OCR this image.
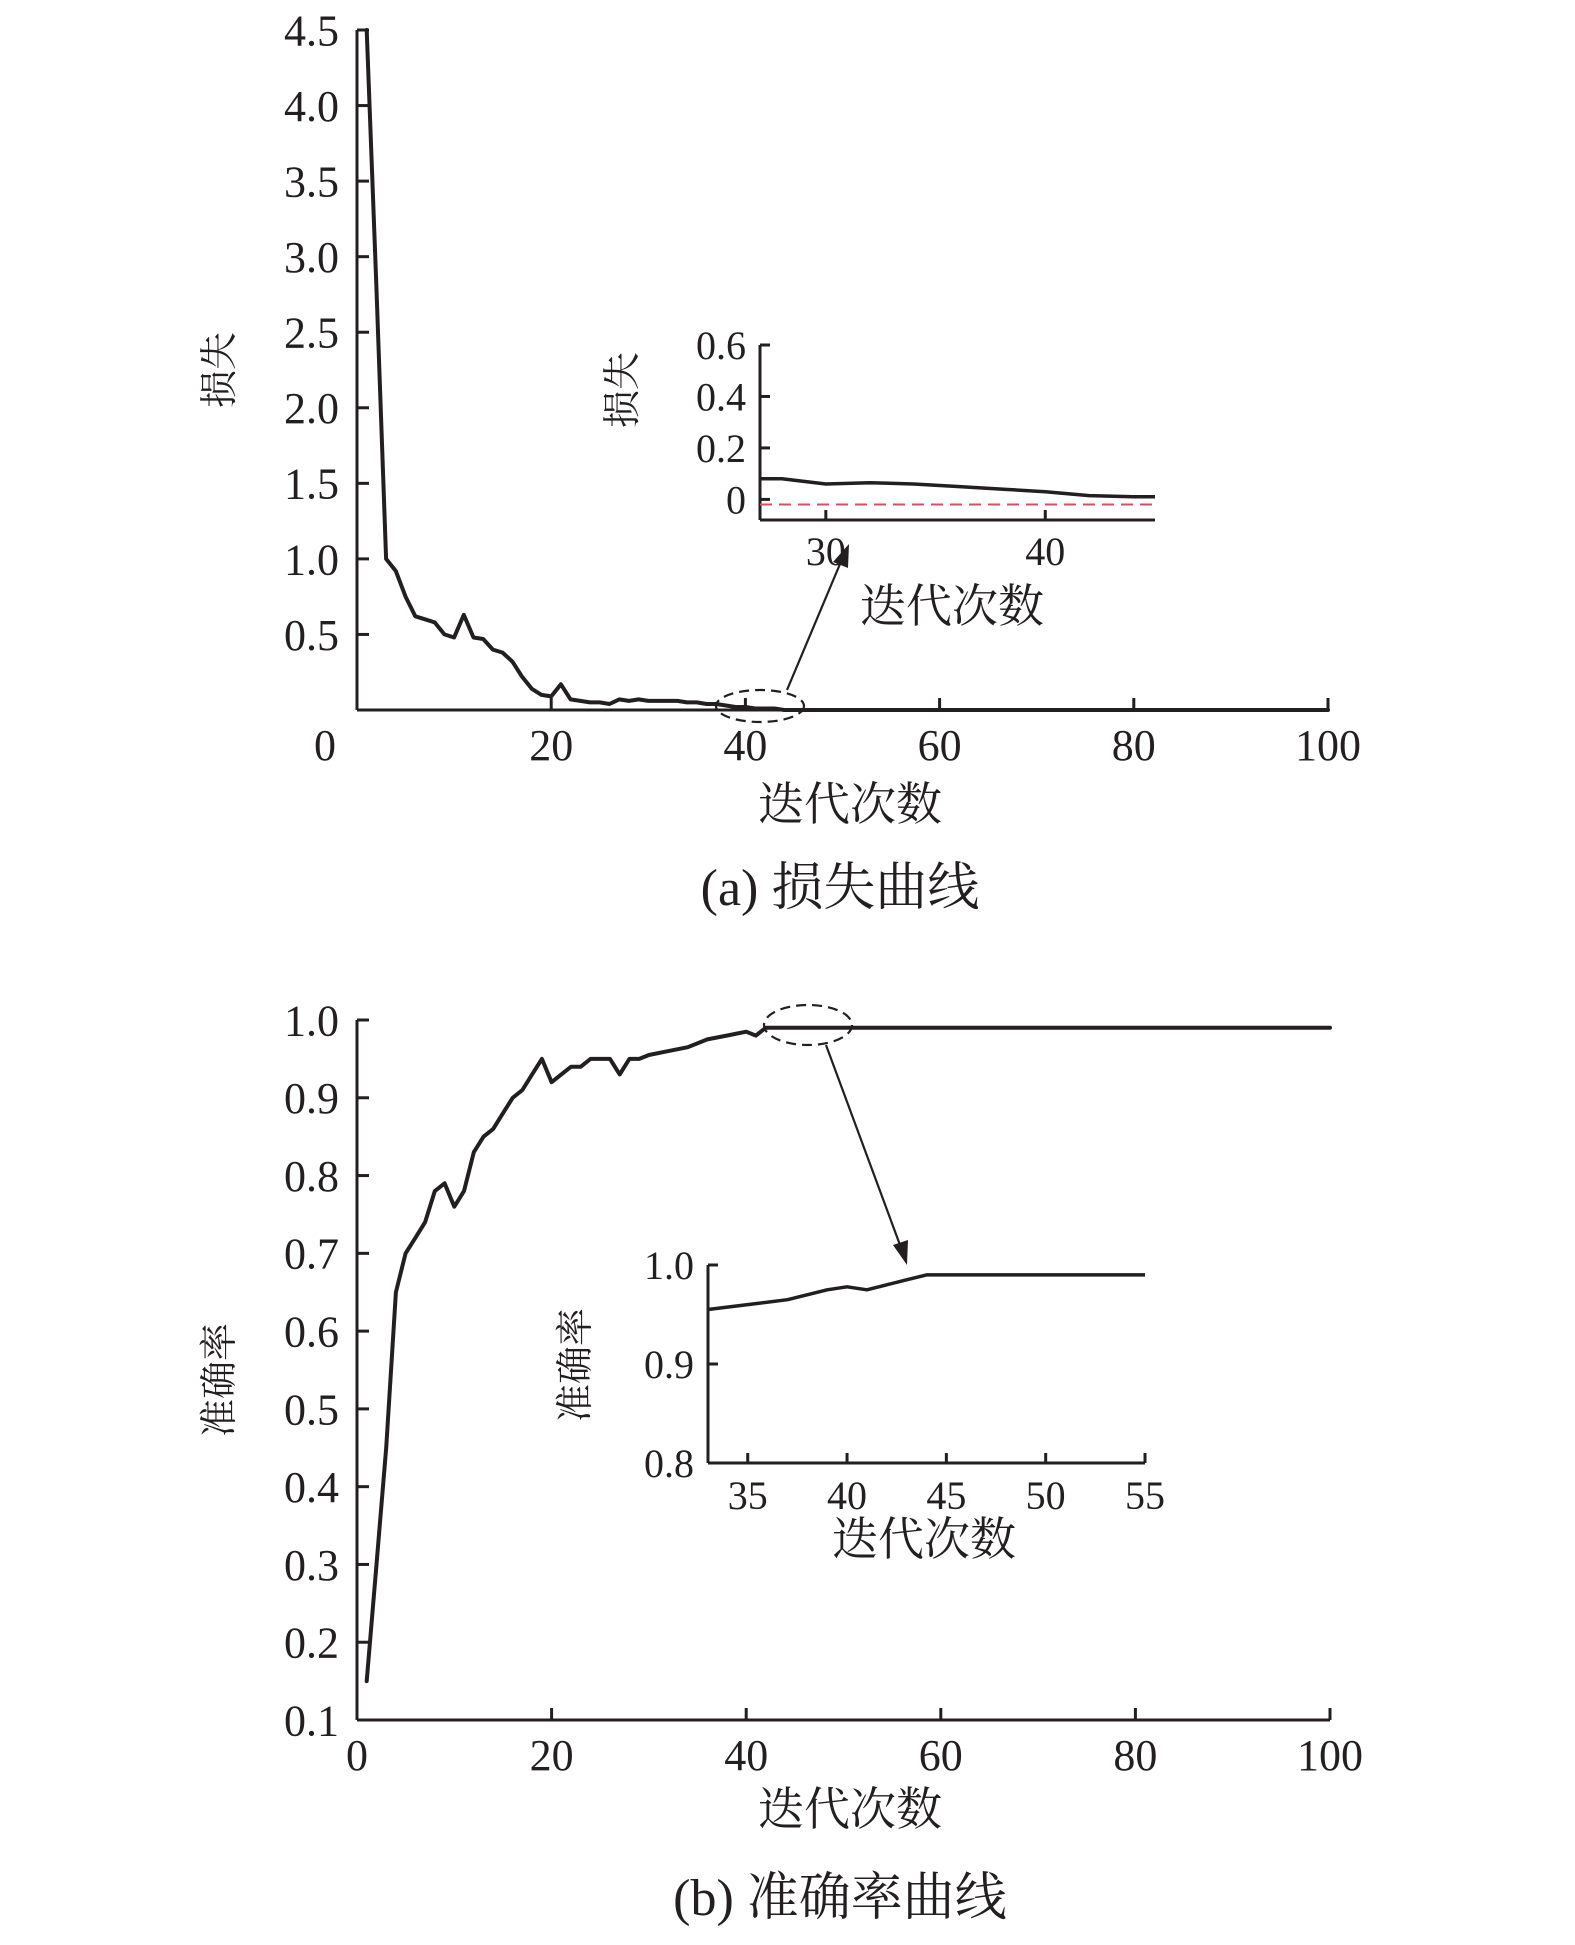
0.5
1.0
1.5
2.0
2.5
3.0
3.5
4.0
4.5
0	20	40	60	80	100
损失
迭代次数
(a) 损失曲线
0
0.2
0.4
0.6
30	40
损失
迭代次数
0.1
0.2
0.3
0.4
0.5
0.6
0.7
0.8
0.9
1.0
0	20	40	60	80	100
准确率
迭代次数
(b) 准确率曲线
0.8
0.9
1.0
35 40 45 50 55
准确率
迭代次数
